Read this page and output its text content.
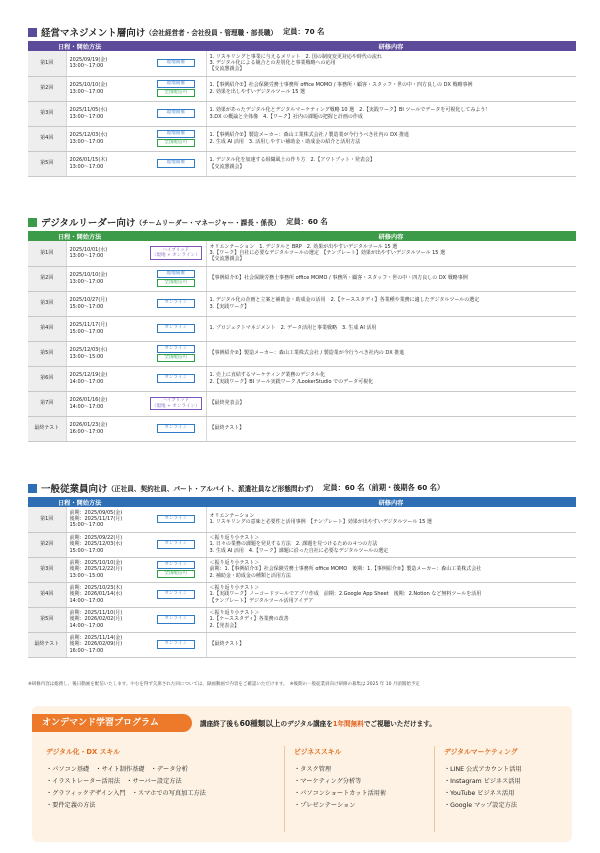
経営マネジメント層向け （会社経営者・会社役員・管理職・部長職） 定員：70 名
日程・開始方法			研修内容
第1回	2025/09/19(金)
13:00〜17:00	現地開催	1. リスキリングと事業に与えるメリット　2. 国の制度変更対応や時代の流れ
3. デジタル化による競合との差別化と事業戦略への応用
【交流懇親会】

第2回	2025/10/10(金)
13:00〜17:00	現地開催
全国配信可	1.【事例紹介①】社会保険労務士事務所 office MOMO / 事務所・顧客・スタッフ・世の中・四方良しの DX 戦略事例
2. 効果を出しやすいデジタルツール 15 選

第3回	2025/11/05(水)
13:00〜17:00	現地開催	1. 効果があったデジタル化とデジタルマーケティング戦略 10 選　2.【実践ワーク】BI ツールでデータを可視化してみよう！
3.DX の概論と全体像　4.【ワーク】社内の課題の把握と計画の作成

第4回	2025/12/03(水)
13:00〜17:00	現地開催
全国配信可	1.【事例紹介②】製造メーカー：森山工業株式会社 / 製造業が今行うべき社内の DX 推進
2. 生成 AI 活用　3. 活用しやすい補助金・助成金の紹介と活用方法

第5回	2026/01/15(木)
13:00〜17:00	現地開催	1. デジタル化を加速する組織風土の作り方　2.【アウトプット・発表会】
【交流懇親会】
デジタルリーダー向け （チームリーダー・マネージャー・課長・係長） 定員：60 名
日程・開始方法			研修内容
第1回	2025/10/01(水)
13:00〜17:00	ハイブリッド
（現地 + オンライン）	オリエンテーション　1. デジタルと BRP　2. 効果が出やすいデジタルツール 15 選
3.【ワーク】自社に必要なデジタルツールの選定　【テンプレート】効果が出やすいデジタルツール 15 選
【交流懇親会】

第2回	2025/10/10(金)
13:00〜17:00	現地開催
全国配信可	【事例紹介①】社会保険労務士事務所 office MOMO / 事務所・顧客・スタッフ・世の中・四方良しの DX 戦略事例

第3回	2025/10/27(月)
15:00〜17:00	オンライン	1. デジタル化の企画と立案と補助金・助成金の活用　2.【ケーススタディ】各業種や業務に適したデジタルツールの選定
3.【実践ワーク】

第4回	2025/11/17(月)
15:00〜17:00	オンライン	1. プロジェクトマネジメント　2. データ活用と事業戦略　3. 生成 AI 活用

第5回	2025/12/03(水)
13:00〜15:00	オンライン
全国配信可	【事例紹介②】製造メーカー：森山工業株式会社 / 製造業が今行うべき社内の DX 推進

第6回	2025/12/19(金)
14:00〜17:00	オンライン	1. 売上に直結するマーケティング業務のデジタル化
2.【実践ワーク】BI ツール実践ワーク /LookerStudio でのデータ可視化

第7回	2026/01/16(金)
14:00〜17:00	ハイブリッド
（現地 + オンライン）	【最終発表会】

最終テスト	2026/01/23(金)
16:00〜17:00	オンライン	【最終テスト】
一般従業員向け （正社員、契約社員、パート・アルバイト、派遣社員など形態問わず） 定員：60 名（前期・後期各 60 名）
日程・開始方法			研修内容
第1回	前期：2025/09/05(金)
後期：2025/11/17(月)
15:00〜17:00	オンライン	オリエンテーション
1. リスキリングの意味と必要性と活用事例　【テンプレート】効果が出やすいデジタルツール 15 選

第2回	前期：2025/09/22(月)
後期：2025/12/03(水)
15:00〜17:00	オンライン	＜振り返り小テスト＞
1. 日々の業務の課題を発見する方法　2. 課題を見つけるための４つの方法
3. 生成 AI 活用　4.【ワーク】課題に沿った自社に必要なデジタルツールの選定

第3回	前期：2025/10/10(金)
後期：2025/12/22(月)
13:00〜15:00	オンライン
全国配信可	＜振り返り小テスト＞
前期：1.【事例紹介①】社会保険労務士事務所 office MOMO　後期：1.【事例紹介②】製造メーカー：森山工業株式会社
2. 補助金・助成金の種類と活用方法

第4回	前期：2025/10/23(木)
後期：2026/01/14(水)
14:00〜17:00	オンライン	＜振り返り小テスト＞
1.【実践ワーク】ノーコードツールでアプリ作成　前期：2.Google App Sheet　後期：2.Notion など無料ツールを活用
【テンプレート】デジタルツール活用アイデア

第5回	前期：2025/11/10(月)
後期：2026/02/02(月)
14:00〜17:00	オンライン	＜振り返り小テスト＞
1.【ケーススタディ】各業務の改善
2.【発表会】

最終テスト	前期：2025/11/14(金)
後期：2026/02/09(月)
16:00〜17:00	オンライン	【最終テスト】
※研修内容は総務し、後日動画を配信いたします。やむを得ず欠席された回については、録画動画で内容をご確認いただけます。　※後期の一般従業員向け研修の募集は 2025 年 10 月頃開始予定
オンデマンド学習プログラム	講座終了後も60種類以上のデジタル講座を1年間無料でご視聴いただけます。
デジタル化・DX スキル
・パソコン基礎　・サイト制作基礎　・データ分析
・イラストレーター活用法　・サーバー設定方法
・グラフィックデザイン入門　・スマホでの写真加工方法
・要件定義の方法
ビジネススキル
・タスク管理
・マーケティング分析等
・パソコンショートカット活用術
・プレゼンテーション
デジタルマーケティング
・LINE 公式アカウント活用
・Instagram ビジネス活用
・YouTube ビジネス活用
・Google マップ設定方法
